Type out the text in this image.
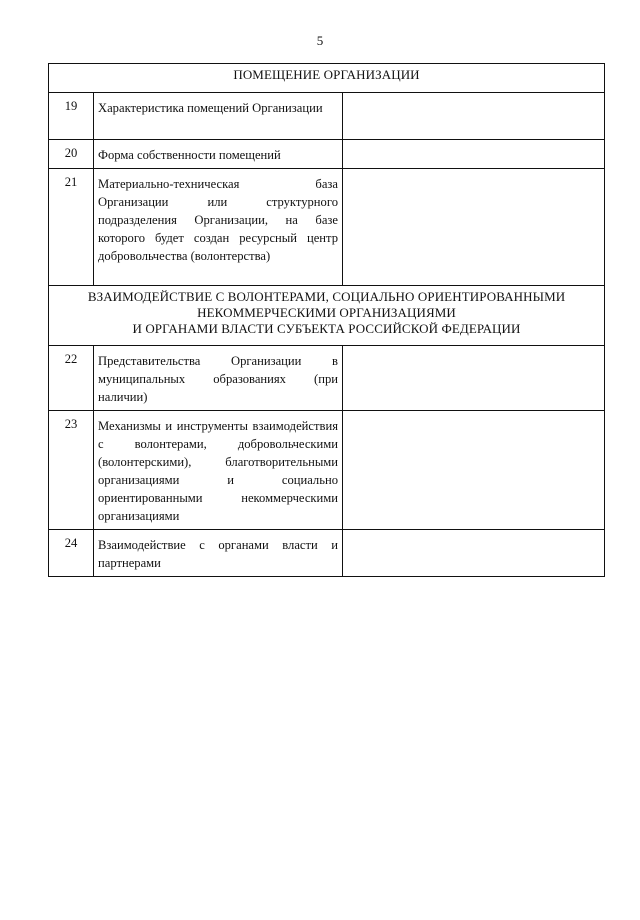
5
ПОМЕЩЕНИЕ ОРГАНИЗАЦИИ		
19	Характеристика помещений Организации	
20	Форма собственности помещений	
21	Материально-техническая база Организации или структурного подразделения Организации, на базе которого будет создан ресурсный центр добровольчества (волонтерства)	

ВЗАИМОДЕЙСТВИЕ С ВОЛОНТЕРАМИ, СОЦИАЛЬНО ОРИЕНТИРОВАННЫМИ
НЕКОММЕРЧЕСКИМИ ОРГАНИЗАЦИЯМИ
И ОРГАНАМИ ВЛАСТИ СУБЪЕКТА РОССИЙСКОЙ ФЕДЕРАЦИИ		

22	Представительства Организации в муниципальных образованиях (при наличии)	
23	Механизмы и инструменты взаимодействия с волонтерами, добровольческими (волонтерскими), благотворительными организациями и социально ориентированными некоммерческими организациями	
24	Взаимодействие с органами власти и партнерами	
